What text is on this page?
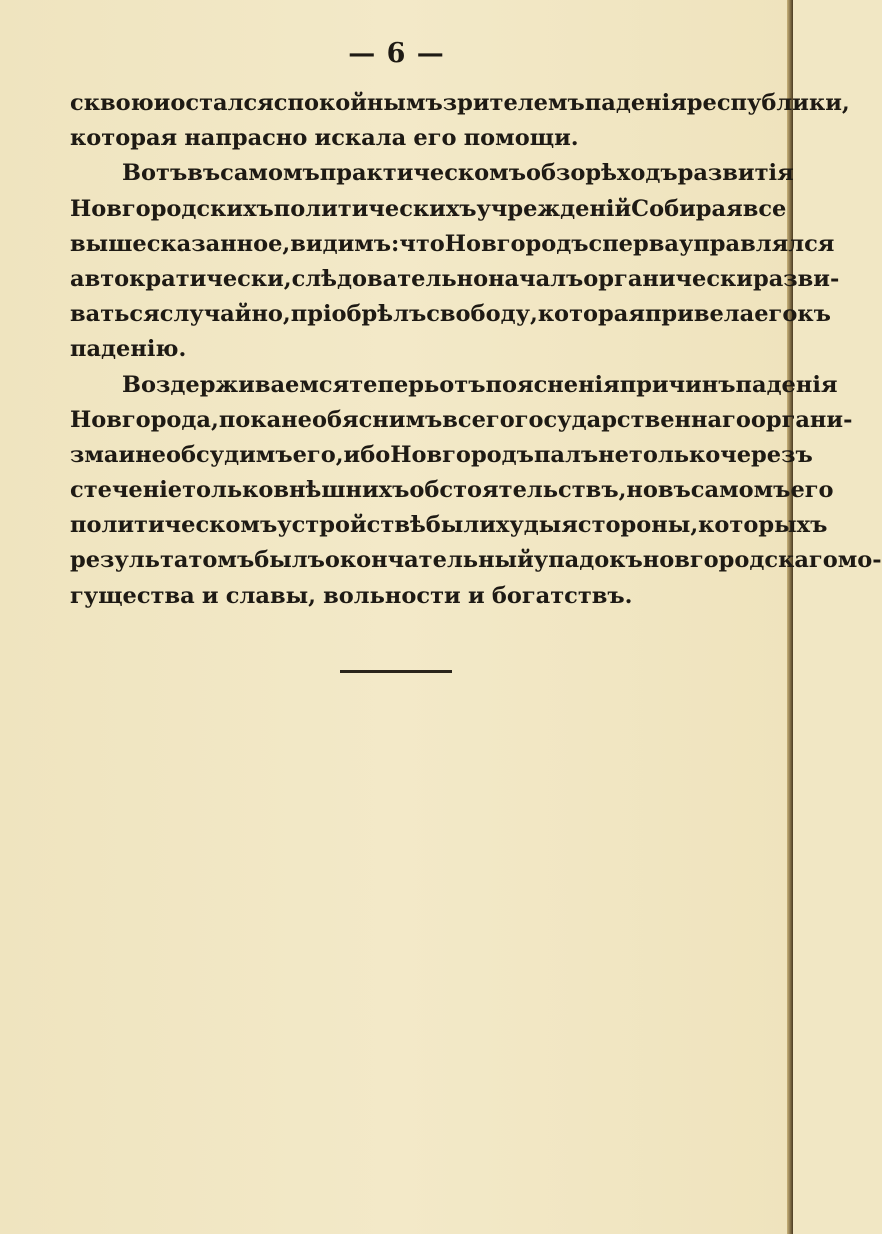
— 6 —
сквою и остался спокойнымъ зрителемъ паденія республики,
которая напрасно искала его помощи.
Вотъ въ самомъ практическомъ обзорѣ ходъ развитія
Новгородскихъ политическихъ учрежденій Собирая все
выше сказанное, видимъ: что Новгородъ сперва управлялся
автократически, слѣдовательно началъ органически разви-
ваться случайно, пріобрѣлъ свободу, которая привела его къ
паденію.
Воздерживаемся теперь отъ поясненія причинъ паденія
Новгорода, пока не обяснимъ всего государственнаго органи-
зма и не обсудимъ его, ибо Новгородъ палъ не только черезъ
стеченіе только внѣшнихъ обстоятельствъ, но въ самомъ его
политическомъ устройствѣ были худыя стороны, которыхъ
результатомъ былъ окончательный упадокъ новгородскаго мо-
гущества и славы, вольности и богатствъ.
